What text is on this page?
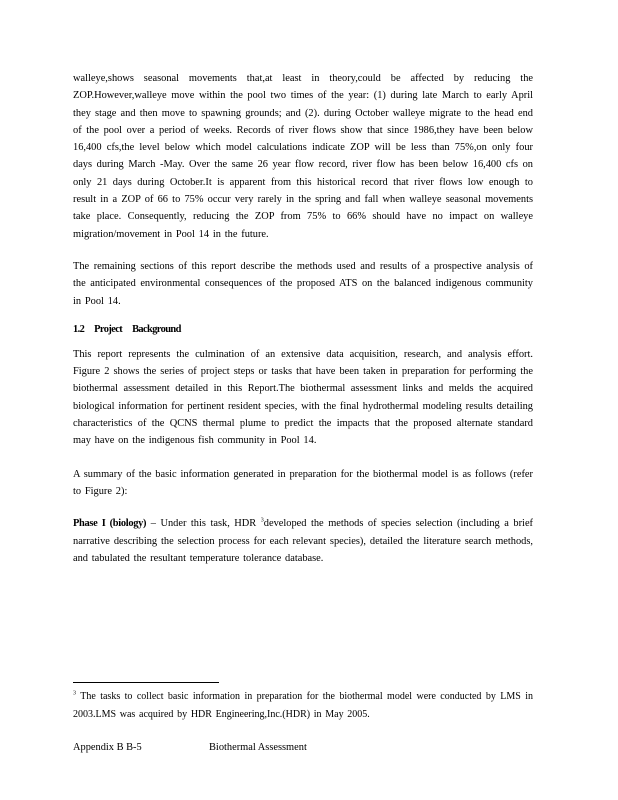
walleye,shows seasonal movements that,at least in theory,could be affected by reducing the ZOP.However,walleye move within the pool two times of the year: (1) during late March to early April they stage and then move to spawning grounds; and (2). during October walleye migrate to the head end of the pool over a period of weeks. Records of river flows show that since 1986,they have been below 16,400 cfs,the level below which model calculations indicate ZOP will be less than 75%,on only four days during March -May. Over the same 26 year flow record, river flow has been below 16,400 cfs on only 21 days during October.It is apparent from this historical record that river flows low enough to result in a ZOP of 66 to 75% occur very rarely in the spring and fall when walleye seasonal movements take place. Consequently, reducing the ZOP from 75% to 66% should have no impact on walleye migration/movement in Pool 14 in the future.

The remaining sections of this report describe the methods used and results of a prospective analysis of the anticipated environmental consequences of the proposed ATS on the balanced indigenous community in Pool 14.

1.2 Project Background

This report represents the culmination of an extensive data acquisition, research, and analysis effort. Figure 2 shows the series of project steps or tasks that have been taken in preparation for performing the biothermal assessment detailed in this Report.The biothermal assessment links and melds the acquired biological information for pertinent resident species, with the final hydrothermal modeling results detailing characteristics of the QCNS thermal plume to predict the impacts that the proposed alternate standard may have on the indigenous fish community in Pool 14.

A summary of the basic information generated in preparation for the biothermal model is as follows (refer to Figure 2):

Phase I (biology) – Under this task, HDR $^3$developed the methods of species selection (including a brief narrative describing the selection process for each relevant species), detailed the literature search methods, and tabulated the resultant temperature tolerance database.

$^3$ The tasks to collect basic information in preparation for the biothermal model were conducted by LMS in 2003.LMS was acquired by HDR Engineering,Inc.(HDR) in May 2005.

Appendix B B-5	Biothermal Assessment
